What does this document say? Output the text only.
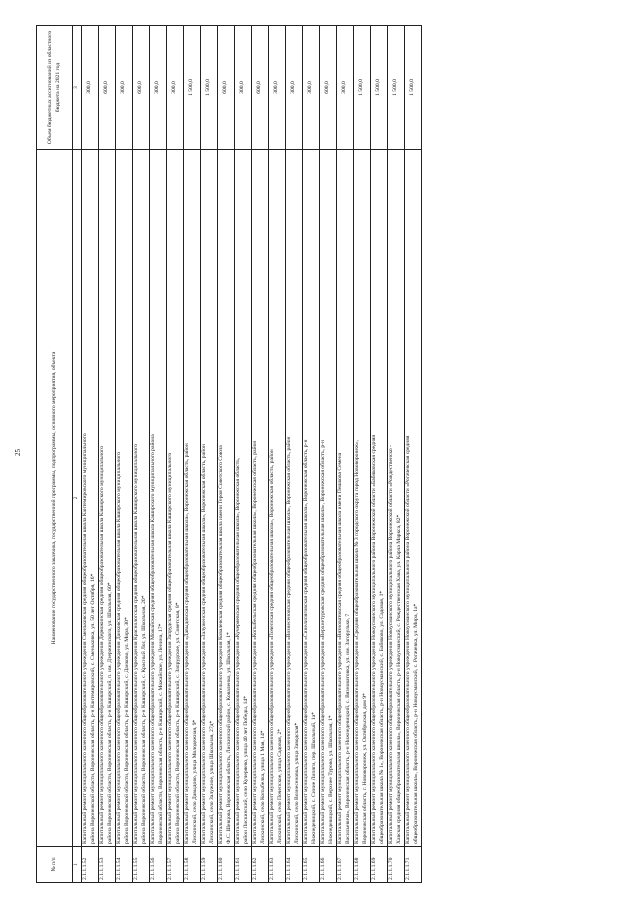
25
№ п/п	Наименование государственного заказчика, государственной программы, подпрограммы, основного мероприятия, объекта	Объем бюджетных ассигнований из областного бюджета на 2021 год
1	2	3
2.1.1.1.52	Капитальный ремонт муниципального казенного общеобразовательного учреждения Сменьковская средняя общеобразовательная школа Кантемировского муниципального района Воронежской области, Воронежская область, р-н Кантемировский, с. Сменьковка, ул. 50 лет Октября, 16*	300,0
2.1.1.1.53	Капитальный ремонт муниципального казенного общеобразовательного учреждения Дерюжинская средняя общеобразовательная школа Каширского муниципального района Воронежской области, Воронежская область, р-н Каширский, п. им. Дзержинского, ул. Школьная, 60*	600,0
2.1.1.1.54	Капитальный ремонт муниципального казенного общеобразовательного учреждения Данковская средняя общеобразовательная школа Каширского муниципального района Воронежской области, Воронежская область, р-н Каширский, с. Данково, ул. Мира, 30*	300,0
2.1.1.1.55	Капитальный ремонт муниципального казенного общеобразовательного учреждения Краснологская средняя общеобразовательная школа Каширского муниципального района Воронежской области, Воронежская область, р-н Каширский, с. Красный Лог, ул. Школьная, 20*	600,0
2.1.1.1.56	Капитальный ремонт муниципального казенного общеобразовательного учреждения Можайская средняя общеобразовательная школа Каширского муниципального района Воронежской области, Воронежская область, р-н Каширский, с. Можайское, ул. Ленина, 17*	300,0
2.1.1.1.57	Капитальный ремонт муниципального казенного общеобразовательного учреждения Запрудская средняя общеобразовательная школа Каширского муниципального района Воронежской области, Воронежская область, р-н Каширский, с. Запрудское, ул. Советская, 8*	300,0
2.1.1.1.58	Капитальный ремонт муниципального казенного общеобразовательного учреждения «Давыдовская средняя общеобразовательная школа», Воронежская область, район Лискинский, село Давыдово, улица Молодежная, 9*	1 500,0
2.1.1.1.59	Капитальный ремонт муниципального казенного общеобразовательного учреждения «Залуженская средняя общеобразовательная школа», Воронежская область, район Лискинский, село Залужное, улица Школьная, 27д*	1 500,0
2.1.1.1.60	Капитальный ремонт муниципального казенного общеобразовательного учреждения Ковалевская средняя общеобразовательная школа имени Героя Советского Союза Ф.С. Шевцова, Воронежская область, Лискинский район, с. Коваленко, ул. Школьная, 1*	600,0
2.1.1.1.61	Капитальный ремонт муниципального казенного общеобразовательного учреждения «Кучеряевская средняя общеобразовательная школа», Воронежская область, район Лискинский, село Кучеряево, улица 40 лет Победы, 14*	300,0
2.1.1.1.62	Капитальный ремонт муниципального казенного общеобразовательного учреждения «Копыбельская средняя общеобразовательная школа», Воронежская область, район Лискинский, село Копыбелка, улица 1 Мая, 14*	600,0
2.1.1.1.63	Капитальный ремонт муниципального казенного общеобразовательного учреждения «Почепская средняя общеобразовательная школа», Воронежская область, район Лискинский, село Почепское, улица Садовая, 2*	300,0
2.1.1.1.64	Капитальный ремонт муниципального казенного общеобразовательного учреждения «Вознесеновская средняя общеобразовательная школа», Воронежская область, район Лискинский, село Вознесеновка, улица Заводская*	300,0
2.1.1.1.65	Капитальный ремонт муниципального казенного общеобразовательного учреждения «Синелипяговская средняя общеобразовательная школа», Воронежская область, р-н Нижнедевицкий, с. Синие Липяги, пер. Школьный, 1а*	300,0
2.1.1.1.66	Капитальный ремонт муниципального казенного общеобразовательного учреждения «Верхнетуровская средняя общеобразовательная школа», Воронежская область, р-н Нижнедевицкий, с. Верхнее Турово, ул. Школьная, 1*	600,0
2.1.1.1.67	Капитальный ремонт муниципального казенного общеобразовательного учреждения «Вязноватовская средняя общеобразовательная школа имени Пешкова Семена Васильевича», Воронежская область, р-н Нижнедевицкий, с. Вязноватовка, ул. им. Загорулько, 7	300,0
2.1.1.1.68	Капитальный ремонт муниципального казенного общеобразовательного учреждения «Средняя общеобразовательная школа № 3 городского округа город Нововоронеж», Воронежская область, г. Нововоронеж, ул. Октябрьская, дом 9*	1 500,0
2.1.1.1.69	Капитальный ремонт муниципального казенного общеобразовательного учреждения Новоусманского муниципального района Воронежской области «Бабяковская средняя общеобразовательная школа № 1», Воронежская область, р-н Новоусманский, с. Бабяково, ул. Садовая, 1*	1 500,0
2.1.1.1.70	Капитальный ремонт муниципального казенного общеобразовательного учреждения Новоусманского муниципального района Воронежской области «Рождественско - Хавская средняя общеобразовательная школа», Воронежская область, р-н Новоусманский, с. Рождественская Хава, ул. Карла Маркса, 82*	1 500,0
2.1.1.1.71	Капитальный ремонт муниципального казенного общеобразовательного учреждения Новоусманского муниципального района Воронежской области «Рогачевская средняя общеобразовательная школа», Воронежская область, р-н Новоусманский, с. Рогачевка, ул. Мира, 1а*	1 500,0
